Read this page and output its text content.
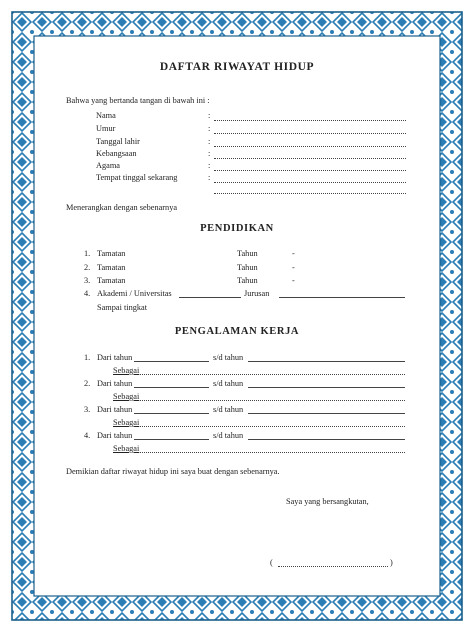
DAFTAR RIWAYAT HIDUP
Bahwa yang bertanda tangan di bawah ini :
Nama	:
Umur	:
Tanggal lahir	:
Kebangsaan	:
Agama	:
Tempat tinggal sekarang	:
Menerangkan dengan sebenarnya
PENDIDIKAN
1. Tamatan	Tahun	-
2. Tamatan	Tahun	-
3. Tamatan	Tahun	-
4. Akademi / Universitas	Jurusan
Sampai tingkat
PENGALAMAN KERJA
1. Dari tahun	s/d tahun
Sebagai
2. Dari tahun	s/d tahun
Sebagai
3. Dari tahun	s/d tahun
Sebagai
4. Dari tahun	s/d tahun
Sebagai
Demikian daftar riwayat hidup ini saya buat dengan sebenarnya.
Saya yang bersangkutan,
(	)
